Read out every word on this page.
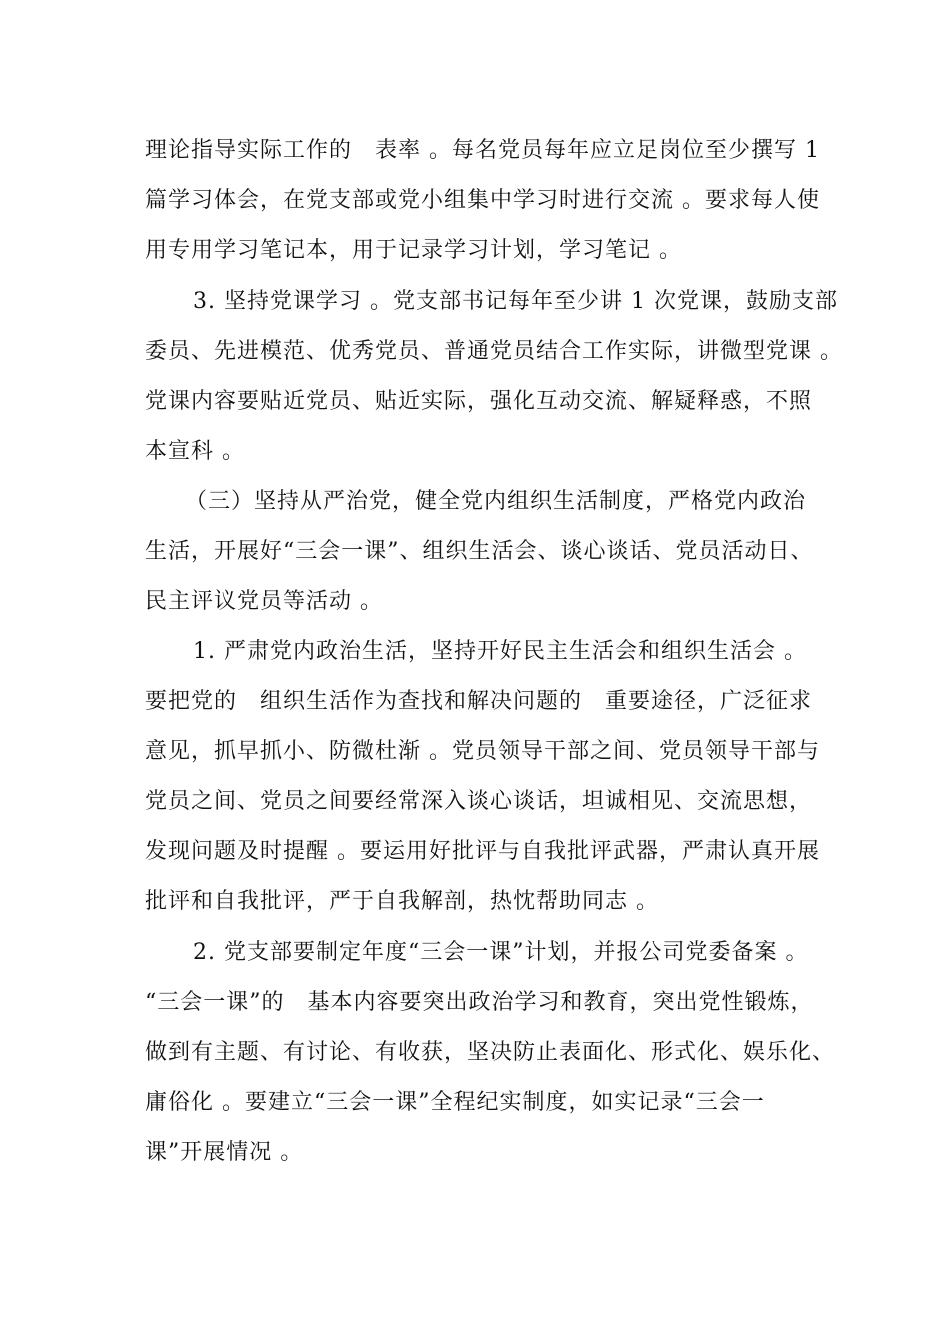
理论指导实际工作的　表率 。每名党员每年应立足岗位至少撰写 1
篇学习体会，在党支部或党小组集中学习时进行交流 。要求每人使
用专用学习笔记本，用于记录学习计划，学习笔记 。
3. 坚持党课学习 。党支部书记每年至少讲 1 次党课，鼓励支部
委员、先进模范、优秀党员、普通党员结合工作实际，讲微型党课 。
党课内容要贴近党员、贴近实际，强化互动交流、解疑释惑，不照
本宣科 。
（三）坚持从严治党，健全党内组织生活制度，严格党内政治
生活，开展好“三会一课”、组织生活会、谈心谈话、党员活动日、
民主评议党员等活动 。
1. 严肃党内政治生活，坚持开好民主生活会和组织生活会 。
要把党的　组织生活作为查找和解决问题的　重要途径，广泛征求
意见，抓早抓小、防微杜渐 。党员领导干部之间、党员领导干部与
党员之间、党员之间要经常深入谈心谈话，坦诚相见、交流思想，
发现问题及时提醒 。要运用好批评与自我批评武器，严肃认真开展
批评和自我批评，严于自我解剖，热忱帮助同志 。
2. 党支部要制定年度“三会一课”计划，并报公司党委备案 。
“三会一课”的　基本内容要突出政治学习和教育，突出党性锻炼，
做到有主题、有讨论、有收获，坚决防止表面化、形式化、娱乐化、
庸俗化 。要建立“三会一课”全程纪实制度，如实记录“三会一
课”开展情况 。
